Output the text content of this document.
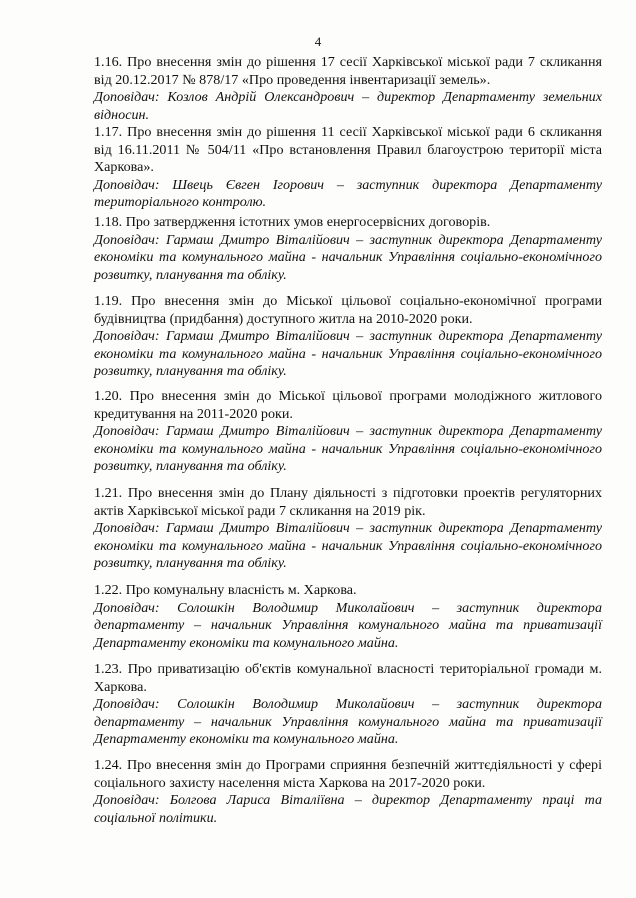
4

1.16. Про внесення змін до рішення 17 сесії Харківської міської ради 7 скликання від 20.12.2017 № 878/17 «Про проведення інвентаризації земель».

Доповідач: Козлов Андрій Олександрович – директор Департаменту земельних відносин.

1.17. Про внесення змін до рішення 11 сесії Харківської міської ради 6 скликання від 16.11.2011 № 504/11 «Про встановлення Правил благоустрою території міста Харкова».

Доповідач: Швець Євген Ігорович – заступник директора Департаменту територіального контролю.

1.18. Про затвердження істотних умов енергосервісних договорів.

Доповідач: Гармаш Дмитро Віталійович – заступник директора Департаменту економіки та комунального майна - начальник Управління соціально-економічного розвитку, планування та обліку.

1.19. Про внесення змін до Міської цільової соціально-економічної програми будівництва (придбання) доступного житла на 2010-2020 роки.

Доповідач: Гармаш Дмитро Віталійович – заступник директора Департаменту економіки та комунального майна - начальник Управління соціально-економічного розвитку, планування та обліку.

1.20. Про внесення змін до Міської цільової програми молодіжного житлового кредитування на 2011-2020 роки.

Доповідач: Гармаш Дмитро Віталійович – заступник директора Департаменту економіки та комунального майна - начальник Управління соціально-економічного розвитку, планування та обліку.

1.21. Про внесення змін до Плану діяльності з підготовки проектів регуляторних актів Харківської міської ради 7 скликання на 2019 рік.

Доповідач: Гармаш Дмитро Віталійович – заступник директора Департаменту економіки та комунального майна - начальник Управління соціально-економічного розвитку, планування та обліку.

1.22. Про комунальну власність м. Харкова.

Доповідач: Солошкін Володимир Миколайович – заступник директора департаменту – начальник Управління комунального майна та приватизації Департаменту економіки та комунального майна.

1.23. Про приватизацію об'єктів комунальної власності територіальної громади м. Харкова.

Доповідач: Солошкін Володимир Миколайович – заступник директора департаменту – начальник Управління комунального майна та приватизації Департаменту економіки та комунального майна.

1.24. Про внесення змін до Програми сприяння безпечній життєдіяльності у сфері соціального захисту населення міста Харкова на 2017-2020 роки.

Доповідач: Болгова Лариса Віталіївна – директор Департаменту праці та соціальної політики.
